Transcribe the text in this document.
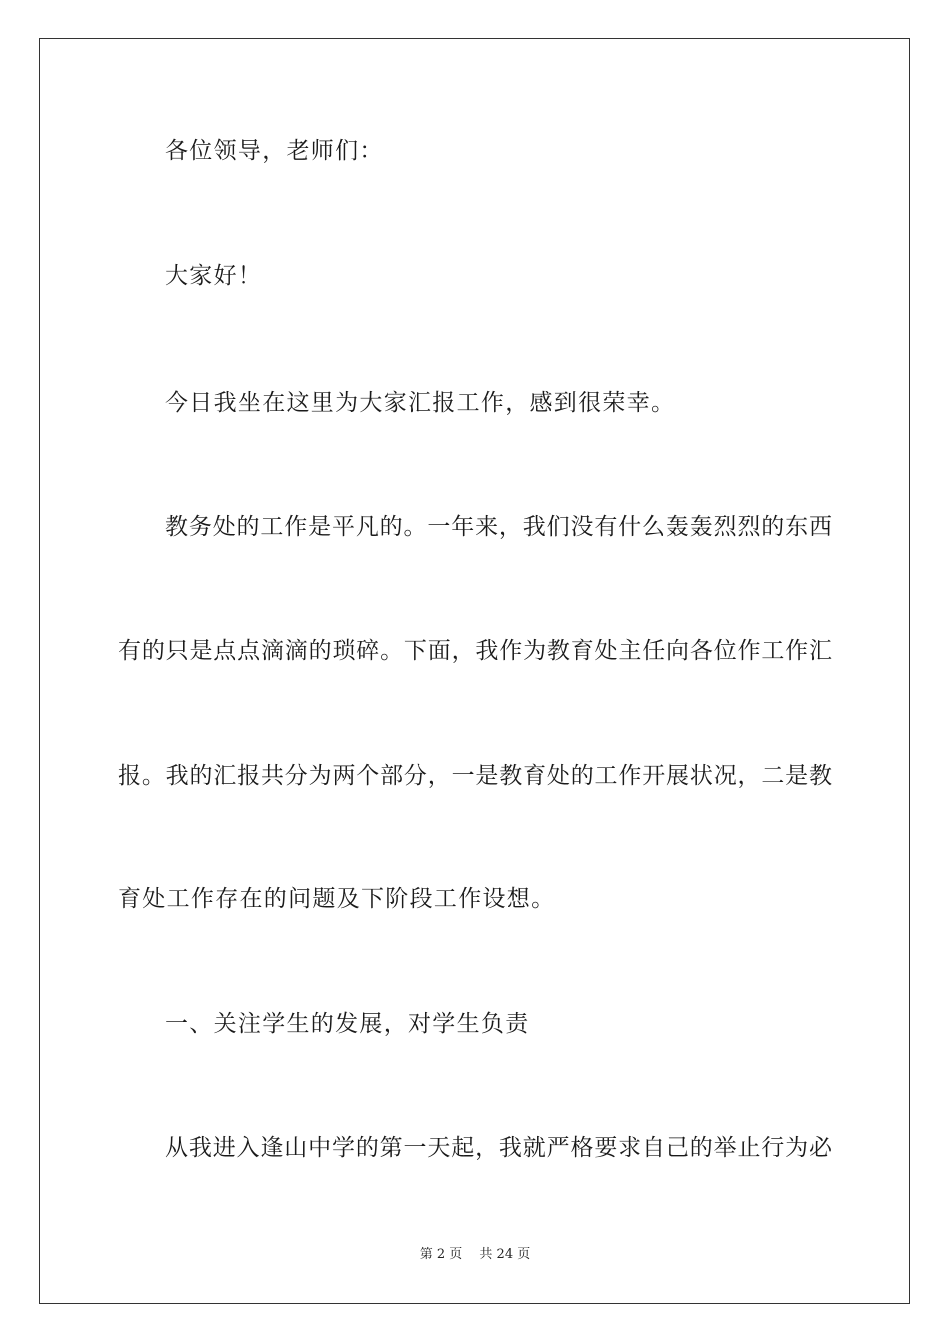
各位领导，老师们：
大家好！
今日我坐在这里为大家汇报工作，感到很荣幸。
教务处的工作是平凡的。一年来，我们没有什么轰轰烈烈的东西
有的只是点点滴滴的琐碎。下面，我作为教育处主任向各位作工作汇
报。我的汇报共分为两个部分，一是教育处的工作开展状况，二是教
育处工作存在的问题及下阶段工作设想。
一、关注学生的发展，对学生负责
从我进入逢山中学的第一天起，我就严格要求自己的举止行为必
第 2 页　 共 24 页
